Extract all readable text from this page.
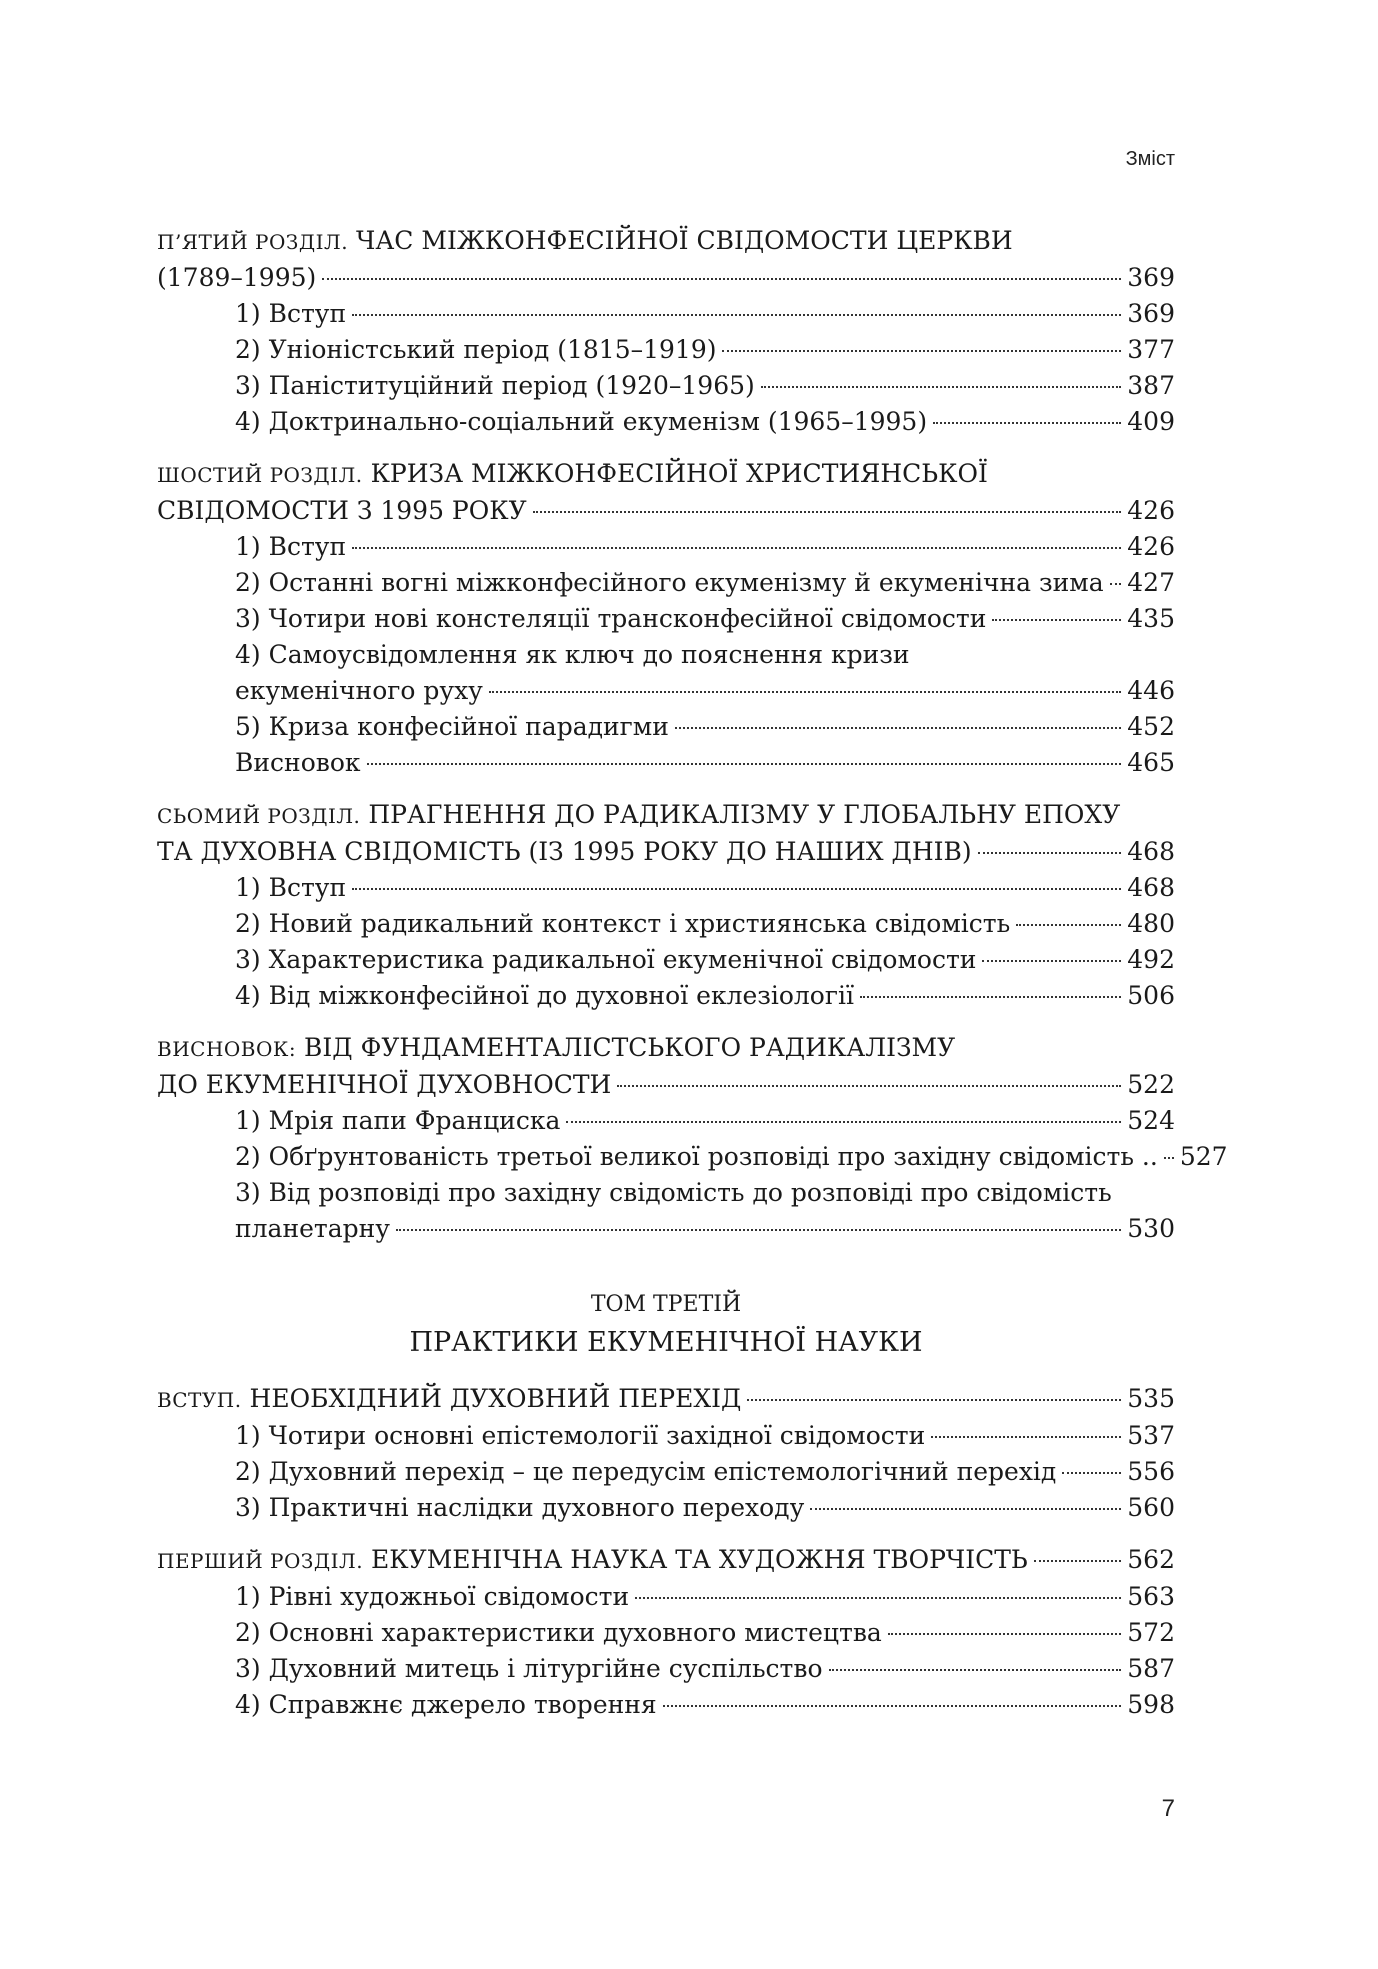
Зміст
П’ЯТИЙ РОЗДІЛ. ЧАС МІЖКОНФЕСІЙНОЇ СВІДОМОСТИ ЦЕРКВИ
(1789–1995)	369
1) Вступ	369
2) Уніоністський період (1815–1919)	377
3) Паніституційний період (1920–1965)	387
4) Доктринально-соціальний екуменізм (1965–1995)	409
ШОСТИЙ РОЗДІЛ. КРИЗА МІЖКОНФЕСІЙНОЇ ХРИСТИЯНСЬКОЇ
СВІДОМОСТИ З 1995 РОКУ	426
1) Вступ	426
2) Останні вогні міжконфесійного екуменізму й екуменічна зима 427
3) Чотири нові констеляції трансконфесійної свідомости	435
4) Самоусвідомлення як ключ до пояснення кризи
екуменічного руху	446
5) Криза конфесійної парадигми	452
Висновок	465
СЬОМИЙ РОЗДІЛ. ПРАГНЕННЯ ДО РАДИКАЛІЗМУ У ГЛОБАЛЬНУ ЕПОХУ
ТА ДУХОВНА СВІДОМІСТЬ (ІЗ 1995 РОКУ ДО НАШИХ ДНІВ)	468
1) Вступ	468
2) Новий радикальний контекст і християнська свідомість	480
3) Характеристика радикальної екуменічної свідомости	492
4) Від міжконфесійної до духовної еклезіології	506
ВИСНОВОК: ВІД ФУНДАМЕНТАЛІСТСЬКОГО РАДИКАЛІЗМУ
ДО ЕКУМЕНІЧНОЇ ДУХОВНОСТИ	522
1) Мрія папи Франциска	524
2) Обґрунтованість третьої великої розповіді про західну свідомість .. 527
3) Від розповіді про західну свідомість до розповіді про свідомість
планетарну	530
ТОМ ТРЕТІЙ
ПРАКТИКИ ЕКУМЕНІЧНОЇ НАУКИ
ВСТУП. НЕОБХІДНИЙ ДУХОВНИЙ ПЕРЕХІД	535
1) Чотири основні епістемології західної свідомости	537
2) Духовний перехід – це передусім епістемологічний перехід	556
3) Практичні наслідки духовного переходу	560
ПЕРШИЙ РОЗДІЛ. ЕКУМЕНІЧНА НАУКА ТА ХУДОЖНЯ ТВОРЧІСТЬ	562
1) Рівні художньої свідомости	563
2) Основні характеристики духовного мистецтва	572
3) Духовний митець і літургійне суспільство	587
4) Справжнє джерело творення	598
7
